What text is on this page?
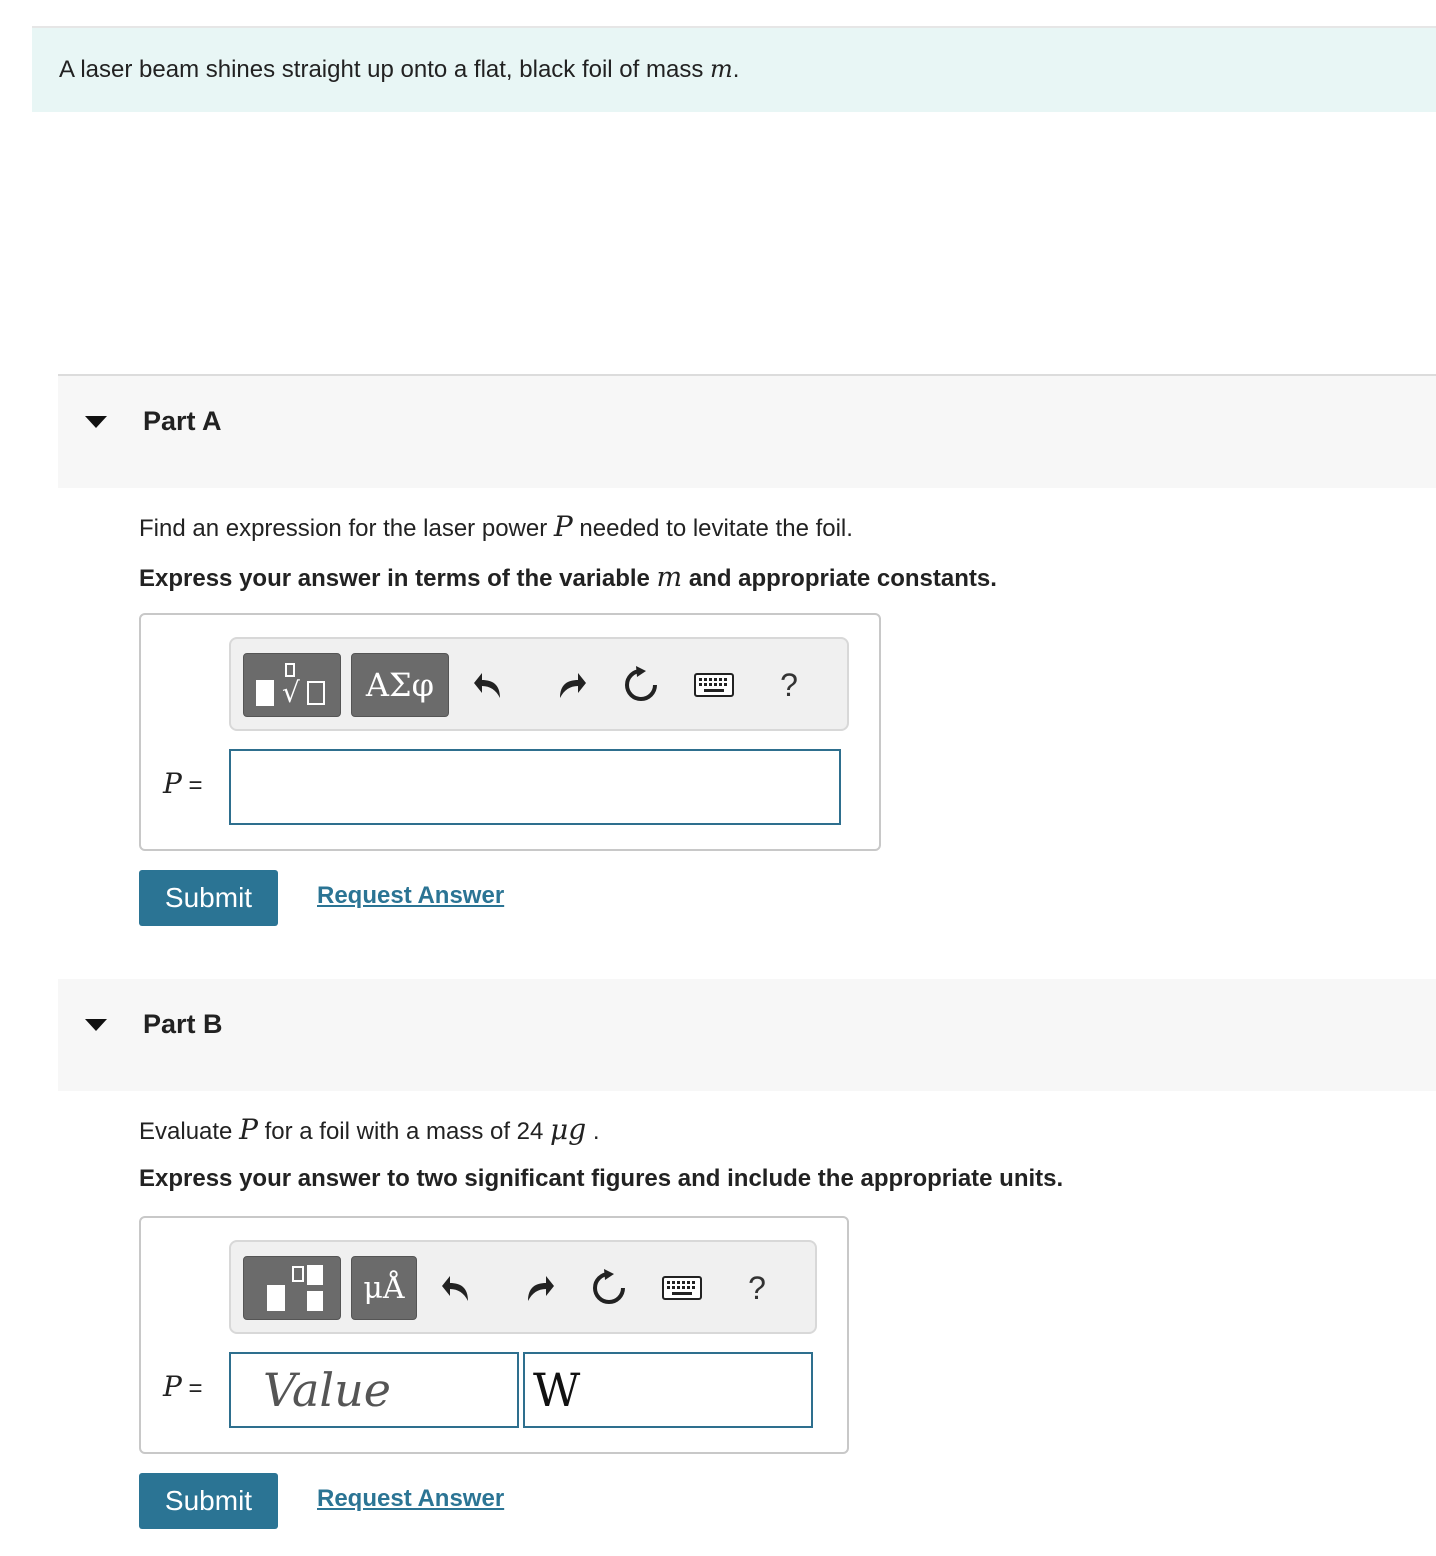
A laser beam shines straight up onto a flat, black foil of mass m.
Part A
Find an expression for the laser power P needed to levitate the foil.
Express your answer in terms of the variable m and appropriate constants.
√	ΑΣφ	?
P =
Submit	Request Answer
Part B
Evaluate P for a foil with a mass of 24 μg .
Express your answer to two significant figures and include the appropriate units.
μÅ	?
P =	Value	W
Submit	Request Answer
